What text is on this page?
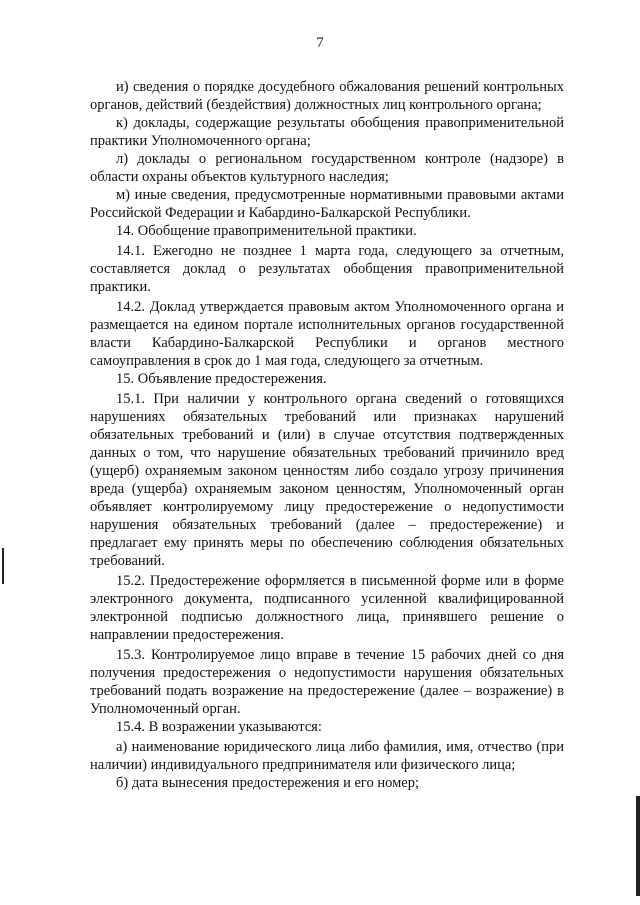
7

и) сведения о порядке досудебного обжалования решений контрольных органов, действий (бездействия) должностных лиц контрольного органа;

к) доклады, содержащие результаты обобщения правоприменительной практики Уполномоченного органа;

л) доклады о региональном государственном контроле (надзоре) в области охраны объектов культурного наследия;

м) иные сведения, предусмотренные нормативными правовыми актами Российской Федерации и Кабардино-Балкарской Республики.

14. Обобщение правоприменительной практики.

14.1. Ежегодно не позднее 1 марта года, следующего за отчетным, составляется доклад о результатах обобщения правоприменительной практики.

14.2. Доклад утверждается правовым актом Уполномоченного органа и размещается на едином портале исполнительных органов государственной власти Кабардино-Балкарской Республики и органов местного самоуправления в срок до 1 мая года, следующего за отчетным.

15. Объявление предостережения.

15.1. При наличии у контрольного органа сведений о готовящихся нарушениях обязательных требований или признаках нарушений обязательных требований и (или) в случае отсутствия подтвержденных данных о том, что нарушение обязательных требований причинило вред (ущерб) охраняемым законом ценностям либо создало угрозу причинения вреда (ущерба) охраняемым законом ценностям, Уполномоченный орган объявляет контролируемому лицу предостережение о недопустимости нарушения обязательных требований (далее – предостережение) и предлагает ему принять меры по обеспечению соблюдения обязательных требований.

15.2. Предостережение оформляется в письменной форме или в форме электронного документа, подписанного усиленной квалифицированной электронной подписью должностного лица, принявшего решение о направлении предостережения.

15.3. Контролируемое лицо вправе в течение 15 рабочих дней со дня получения предостережения о недопустимости нарушения обязательных требований подать возражение на предостережение (далее – возражение) в Уполномоченный орган.

15.4. В возражении указываются:

а) наименование юридического лица либо фамилия, имя, отчество (при наличии) индивидуального предпринимателя или физического лица;

б) дата вынесения предостережения и его номер;
